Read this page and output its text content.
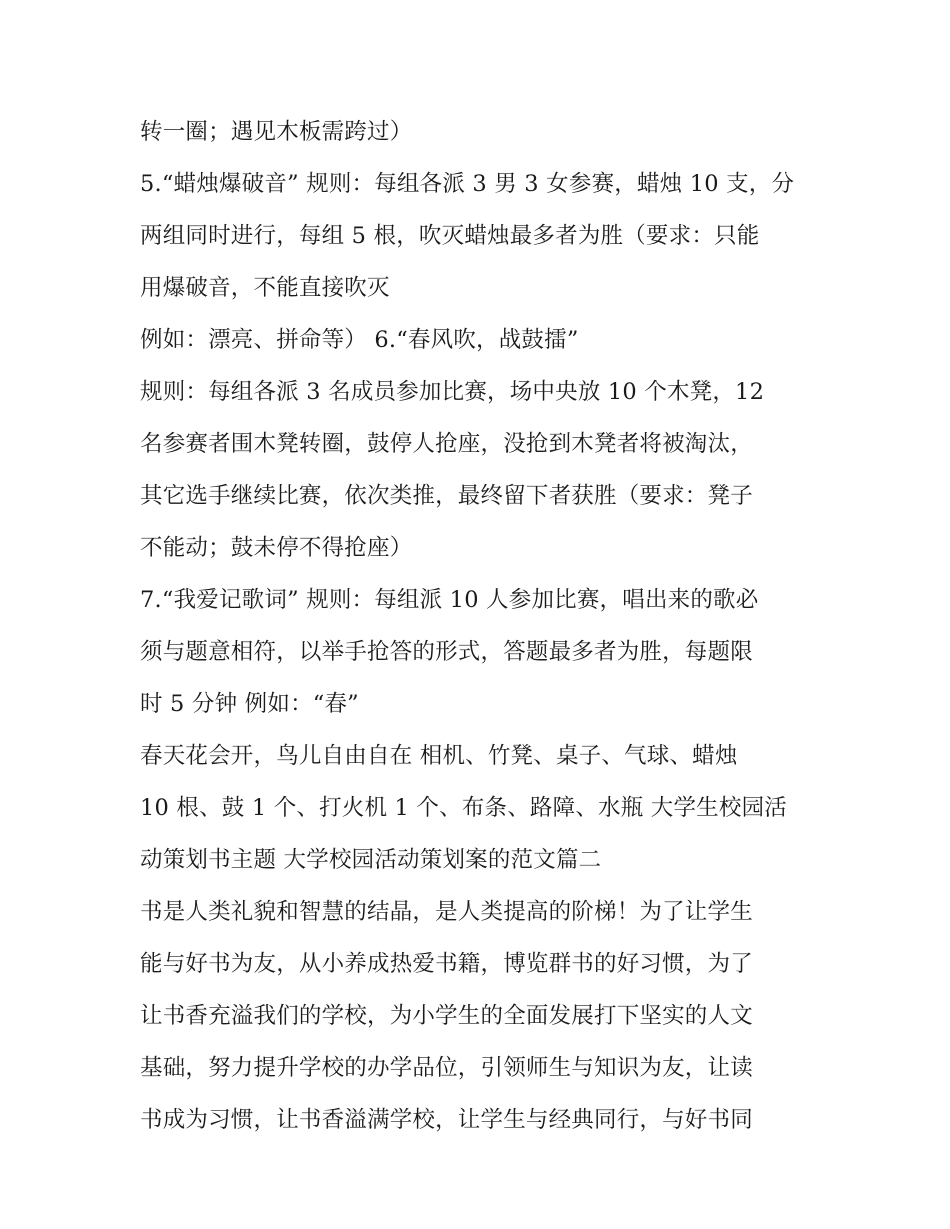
转一圈；遇见木板需跨过）
5.“蜡烛爆破音” 规则：每组各派 3 男 3 女参赛，蜡烛 10 支，分
两组同时进行，每组 5 根，吹灭蜡烛最多者为胜（要求：只能
用爆破音，不能直接吹灭
例如：漂亮、拼命等） 6.“春风吹，战鼓擂”
规则：每组各派 3 名成员参加比赛，场中央放 10 个木凳，12
名参赛者围木凳转圈，鼓停人抢座，没抢到木凳者将被淘汰，
其它选手继续比赛，依次类推，最终留下者获胜（要求：凳子
不能动；鼓未停不得抢座）
7.“我爱记歌词” 规则：每组派 10 人参加比赛，唱出来的歌必
须与题意相符，以举手抢答的形式，答题最多者为胜，每题限
时 5 分钟 例如：“春”
春天花会开，鸟儿自由自在 相机、竹凳、桌子、气球、蜡烛
10 根、鼓 1 个、打火机 1 个、布条、路障、水瓶 大学生校园活
动策划书主题 大学校园活动策划案的范文篇二
书是人类礼貌和智慧的结晶，是人类提高的阶梯！为了让学生
能与好书为友，从小养成热爱书籍，博览群书的好习惯，为了
让书香充溢我们的学校，为小学生的全面发展打下坚实的人文
基础，努力提升学校的办学品位，引领师生与知识为友，让读
书成为习惯，让书香溢满学校，让学生与经典同行，与好书同
